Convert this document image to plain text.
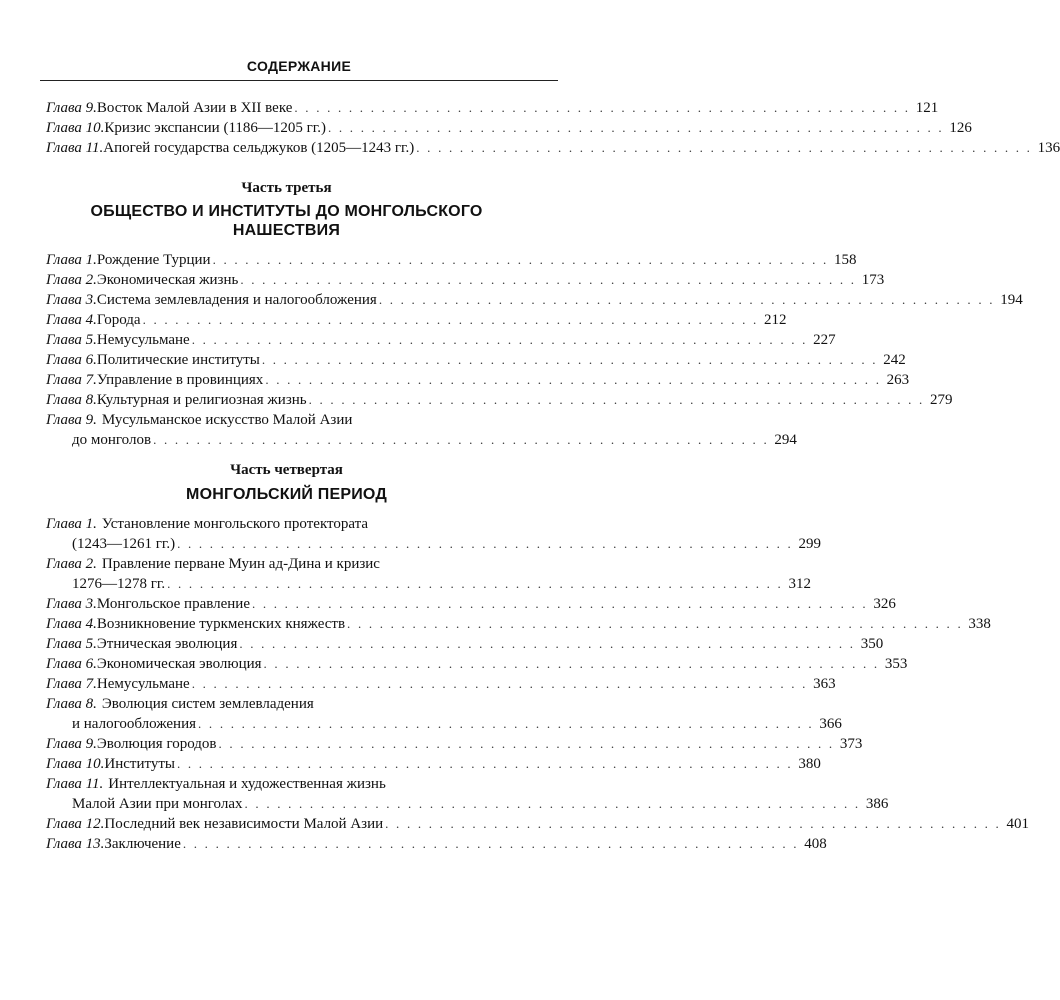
СОДЕРЖАНИЕ
Глава 9. Восток Малой Азии в XII веке . . . . . . . . . . . . . . . . . . . . . . . . . . . . . . . . . . . . . . . . . . . . . . . . . . . . . . . . . 121
Глава 10. Кризис экспансии (1186—1205 гг.) . . . . . . . . . . . . . . . . . . . . . . . . . . . . . . . . . . . . . . . . . . . . . . . . . . . . . . . . . 126
Глава 11. Апогей государства сельджуков (1205—1243 гг.) . . . . . . . . . . . . . . . . . . . . . . . . . . . . . . . . . . . . . . . . . . . . . . . . . . . . . . . . . 136
Часть третья
ОБЩЕСТВО И ИНСТИТУТЫ ДО МОНГОЛЬСКОГО
НАШЕСТВИЯ
Глава 1. Рождение Турции . . . . . . . . . . . . . . . . . . . . . . . . . . . . . . . . . . . . . . . . . . . . . . . . . . . . . . . . . 158
Глава 2. Экономическая жизнь . . . . . . . . . . . . . . . . . . . . . . . . . . . . . . . . . . . . . . . . . . . . . . . . . . . . . . . . . 173
Глава 3. Система землевладения и налогообложения . . . . . . . . . . . . . . . . . . . . . . . . . . . . . . . . . . . . . . . . . . . . . . . . . . . . . . . . . 194
Глава 4. Города . . . . . . . . . . . . . . . . . . . . . . . . . . . . . . . . . . . . . . . . . . . . . . . . . . . . . . . . . 212
Глава 5. Немусульмане . . . . . . . . . . . . . . . . . . . . . . . . . . . . . . . . . . . . . . . . . . . . . . . . . . . . . . . . . 227
Глава 6. Политические институты . . . . . . . . . . . . . . . . . . . . . . . . . . . . . . . . . . . . . . . . . . . . . . . . . . . . . . . . . 242
Глава 7. Управление в провинциях . . . . . . . . . . . . . . . . . . . . . . . . . . . . . . . . . . . . . . . . . . . . . . . . . . . . . . . . . 263
Глава 8. Культурная и религиозная жизнь . . . . . . . . . . . . . . . . . . . . . . . . . . . . . . . . . . . . . . . . . . . . . . . . . . . . . . . . . 279
Глава 9. Мусульманское искусство Малой Азии
до монголов . . . . . . . . . . . . . . . . . . . . . . . . . . . . . . . . . . . . . . . . . . . . . . . . . . . . . . . . . 294
Часть четвертая
МОНГОЛЬСКИЙ ПЕРИОД
Глава 1. Установление монгольского протектората
(1243—1261 гг.) . . . . . . . . . . . . . . . . . . . . . . . . . . . . . . . . . . . . . . . . . . . . . . . . . . . . . . . . . 299
Глава 2. Правление перване Муин ад-Дина и кризис
1276—1278 гг. . . . . . . . . . . . . . . . . . . . . . . . . . . . . . . . . . . . . . . . . . . . . . . . . . . . . . . . . . 312
Глава 3. Монгольское правление . . . . . . . . . . . . . . . . . . . . . . . . . . . . . . . . . . . . . . . . . . . . . . . . . . . . . . . . . 326
Глава 4. Возникновение туркменских княжеств . . . . . . . . . . . . . . . . . . . . . . . . . . . . . . . . . . . . . . . . . . . . . . . . . . . . . . . . . 338
Глава 5. Этническая эволюция . . . . . . . . . . . . . . . . . . . . . . . . . . . . . . . . . . . . . . . . . . . . . . . . . . . . . . . . . 350
Глава 6. Экономическая эволюция . . . . . . . . . . . . . . . . . . . . . . . . . . . . . . . . . . . . . . . . . . . . . . . . . . . . . . . . . 353
Глава 7. Немусульмане . . . . . . . . . . . . . . . . . . . . . . . . . . . . . . . . . . . . . . . . . . . . . . . . . . . . . . . . . 363
Глава 8. Эволюция систем землевладения
и налогообложения . . . . . . . . . . . . . . . . . . . . . . . . . . . . . . . . . . . . . . . . . . . . . . . . . . . . . . . . . 366
Глава 9. Эволюция городов . . . . . . . . . . . . . . . . . . . . . . . . . . . . . . . . . . . . . . . . . . . . . . . . . . . . . . . . . 373
Глава 10. Институты . . . . . . . . . . . . . . . . . . . . . . . . . . . . . . . . . . . . . . . . . . . . . . . . . . . . . . . . . 380
Глава 11. Интеллектуальная и художественная жизнь
Малой Азии при монголах . . . . . . . . . . . . . . . . . . . . . . . . . . . . . . . . . . . . . . . . . . . . . . . . . . . . . . . . . 386
Глава 12. Последний век независимости Малой Азии . . . . . . . . . . . . . . . . . . . . . . . . . . . . . . . . . . . . . . . . . . . . . . . . . . . . . . . . . 401
Глава 13. Заключение . . . . . . . . . . . . . . . . . . . . . . . . . . . . . . . . . . . . . . . . . . . . . . . . . . . . . . . . . 408
